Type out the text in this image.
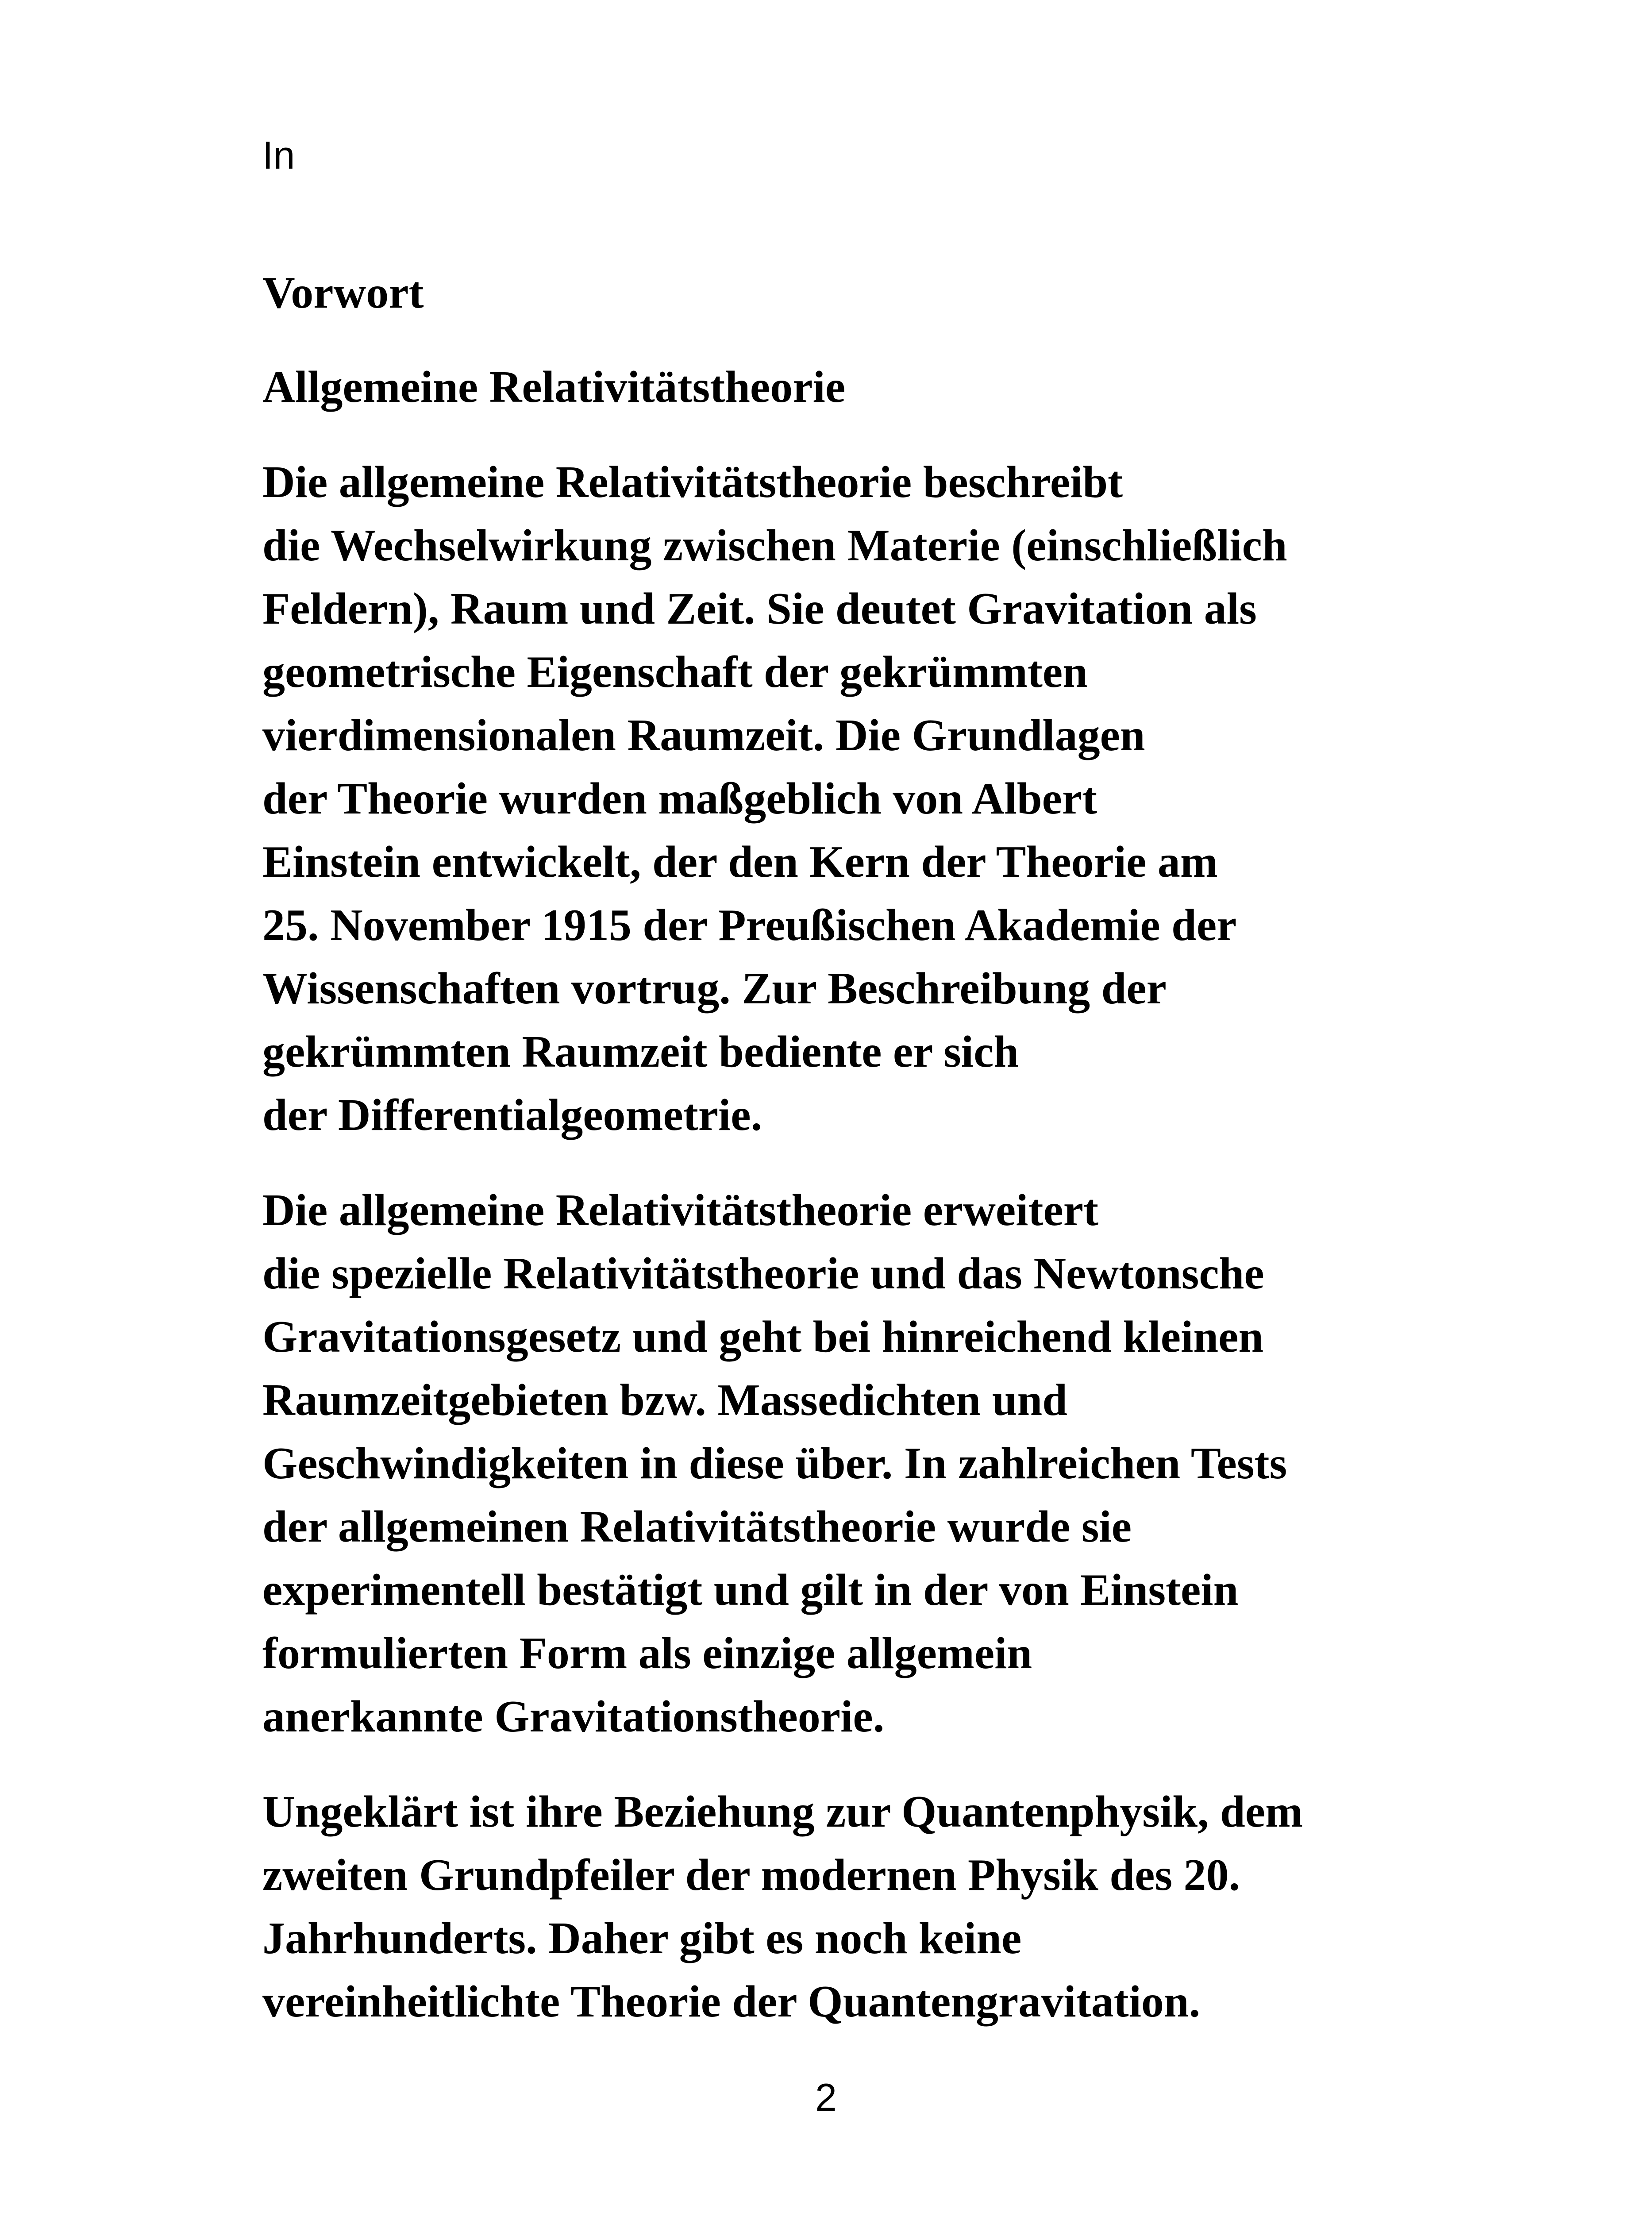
In
Vorwort
Allgemeine Relativitätstheorie

Die allgemeine Relativitätstheorie beschreibt
die Wechselwirkung zwischen Materie (einschließlich
Feldern), Raum und Zeit. Sie deutet Gravitation als
geometrische Eigenschaft der gekrümmten
vierdimensionalen Raumzeit. Die Grundlagen
der Theorie wurden maßgeblich von Albert
Einstein entwickelt, der den Kern der Theorie am
25. November 1915 der Preußischen Akademie der
Wissenschaften vortrug. Zur Beschreibung der
gekrümmten Raumzeit bediente er sich
der Differentialgeometrie.

Die allgemeine Relativitätstheorie erweitert
die spezielle Relativitätstheorie und das Newtonsche
Gravitationsgesetz und geht bei hinreichend kleinen
Raumzeitgebieten bzw. Massedichten und
Geschwindigkeiten in diese über. In zahlreichen Tests
der allgemeinen Relativitätstheorie wurde sie
experimentell bestätigt und gilt in der von Einstein
formulierten Form als einzige allgemein
anerkannte Gravitationstheorie.

Ungeklärt ist ihre Beziehung zur Quantenphysik, dem
zweiten Grundpfeiler der modernen Physik des 20.
Jahrhunderts. Daher gibt es noch keine
vereinheitlichte Theorie der Quantengravitation.

2
